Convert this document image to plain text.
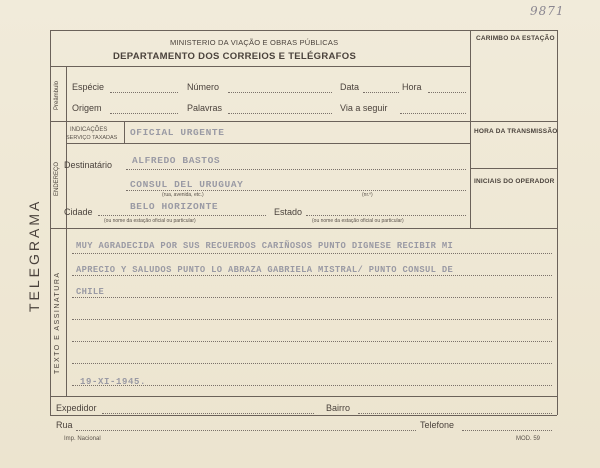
TELEGRAMA
9871
MINISTERIO DA VIAÇÃO E OBRAS PÚBLICAS
DEPARTAMENTO DOS CORREIOS E TELÉGRAFOS
CARIMBO DA ESTAÇÃO
Preâmbulo Espécie	Número	Data	Hora
Origem	Palavras	Via a seguir
ENDEREÇO
INDICAÇÕES
SERVIÇO TAXADAS OFICIAL URGENTE
Destinatário ALFREDO BASTOS
CONSUL DEL URUGUAY
(rua, avenida, etc.)	(nr.º)
Cidade	BELO HORIZONTE	Estado
(ou nome da estação oficial ou particular)	(ou nome da estação oficial ou particular)
HORA DA TRANSMISSÃO
INICIAIS DO OPERADOR
TEXTO E ASSINATURA
MUY AGRADECIDA POR SUS RECUERDOS CARIÑOSOS PUNTO DIGNESE RECIBIR MI
APRECIO Y SALUDOS PUNTO LO ABRAZA GABRIELA MISTRAL/ PUNTO CONSUL DE
CHILE
19-XI-1945.
Expedidor	Bairro
Rua	Telefone
Imp. Nacional	MOD. 59
